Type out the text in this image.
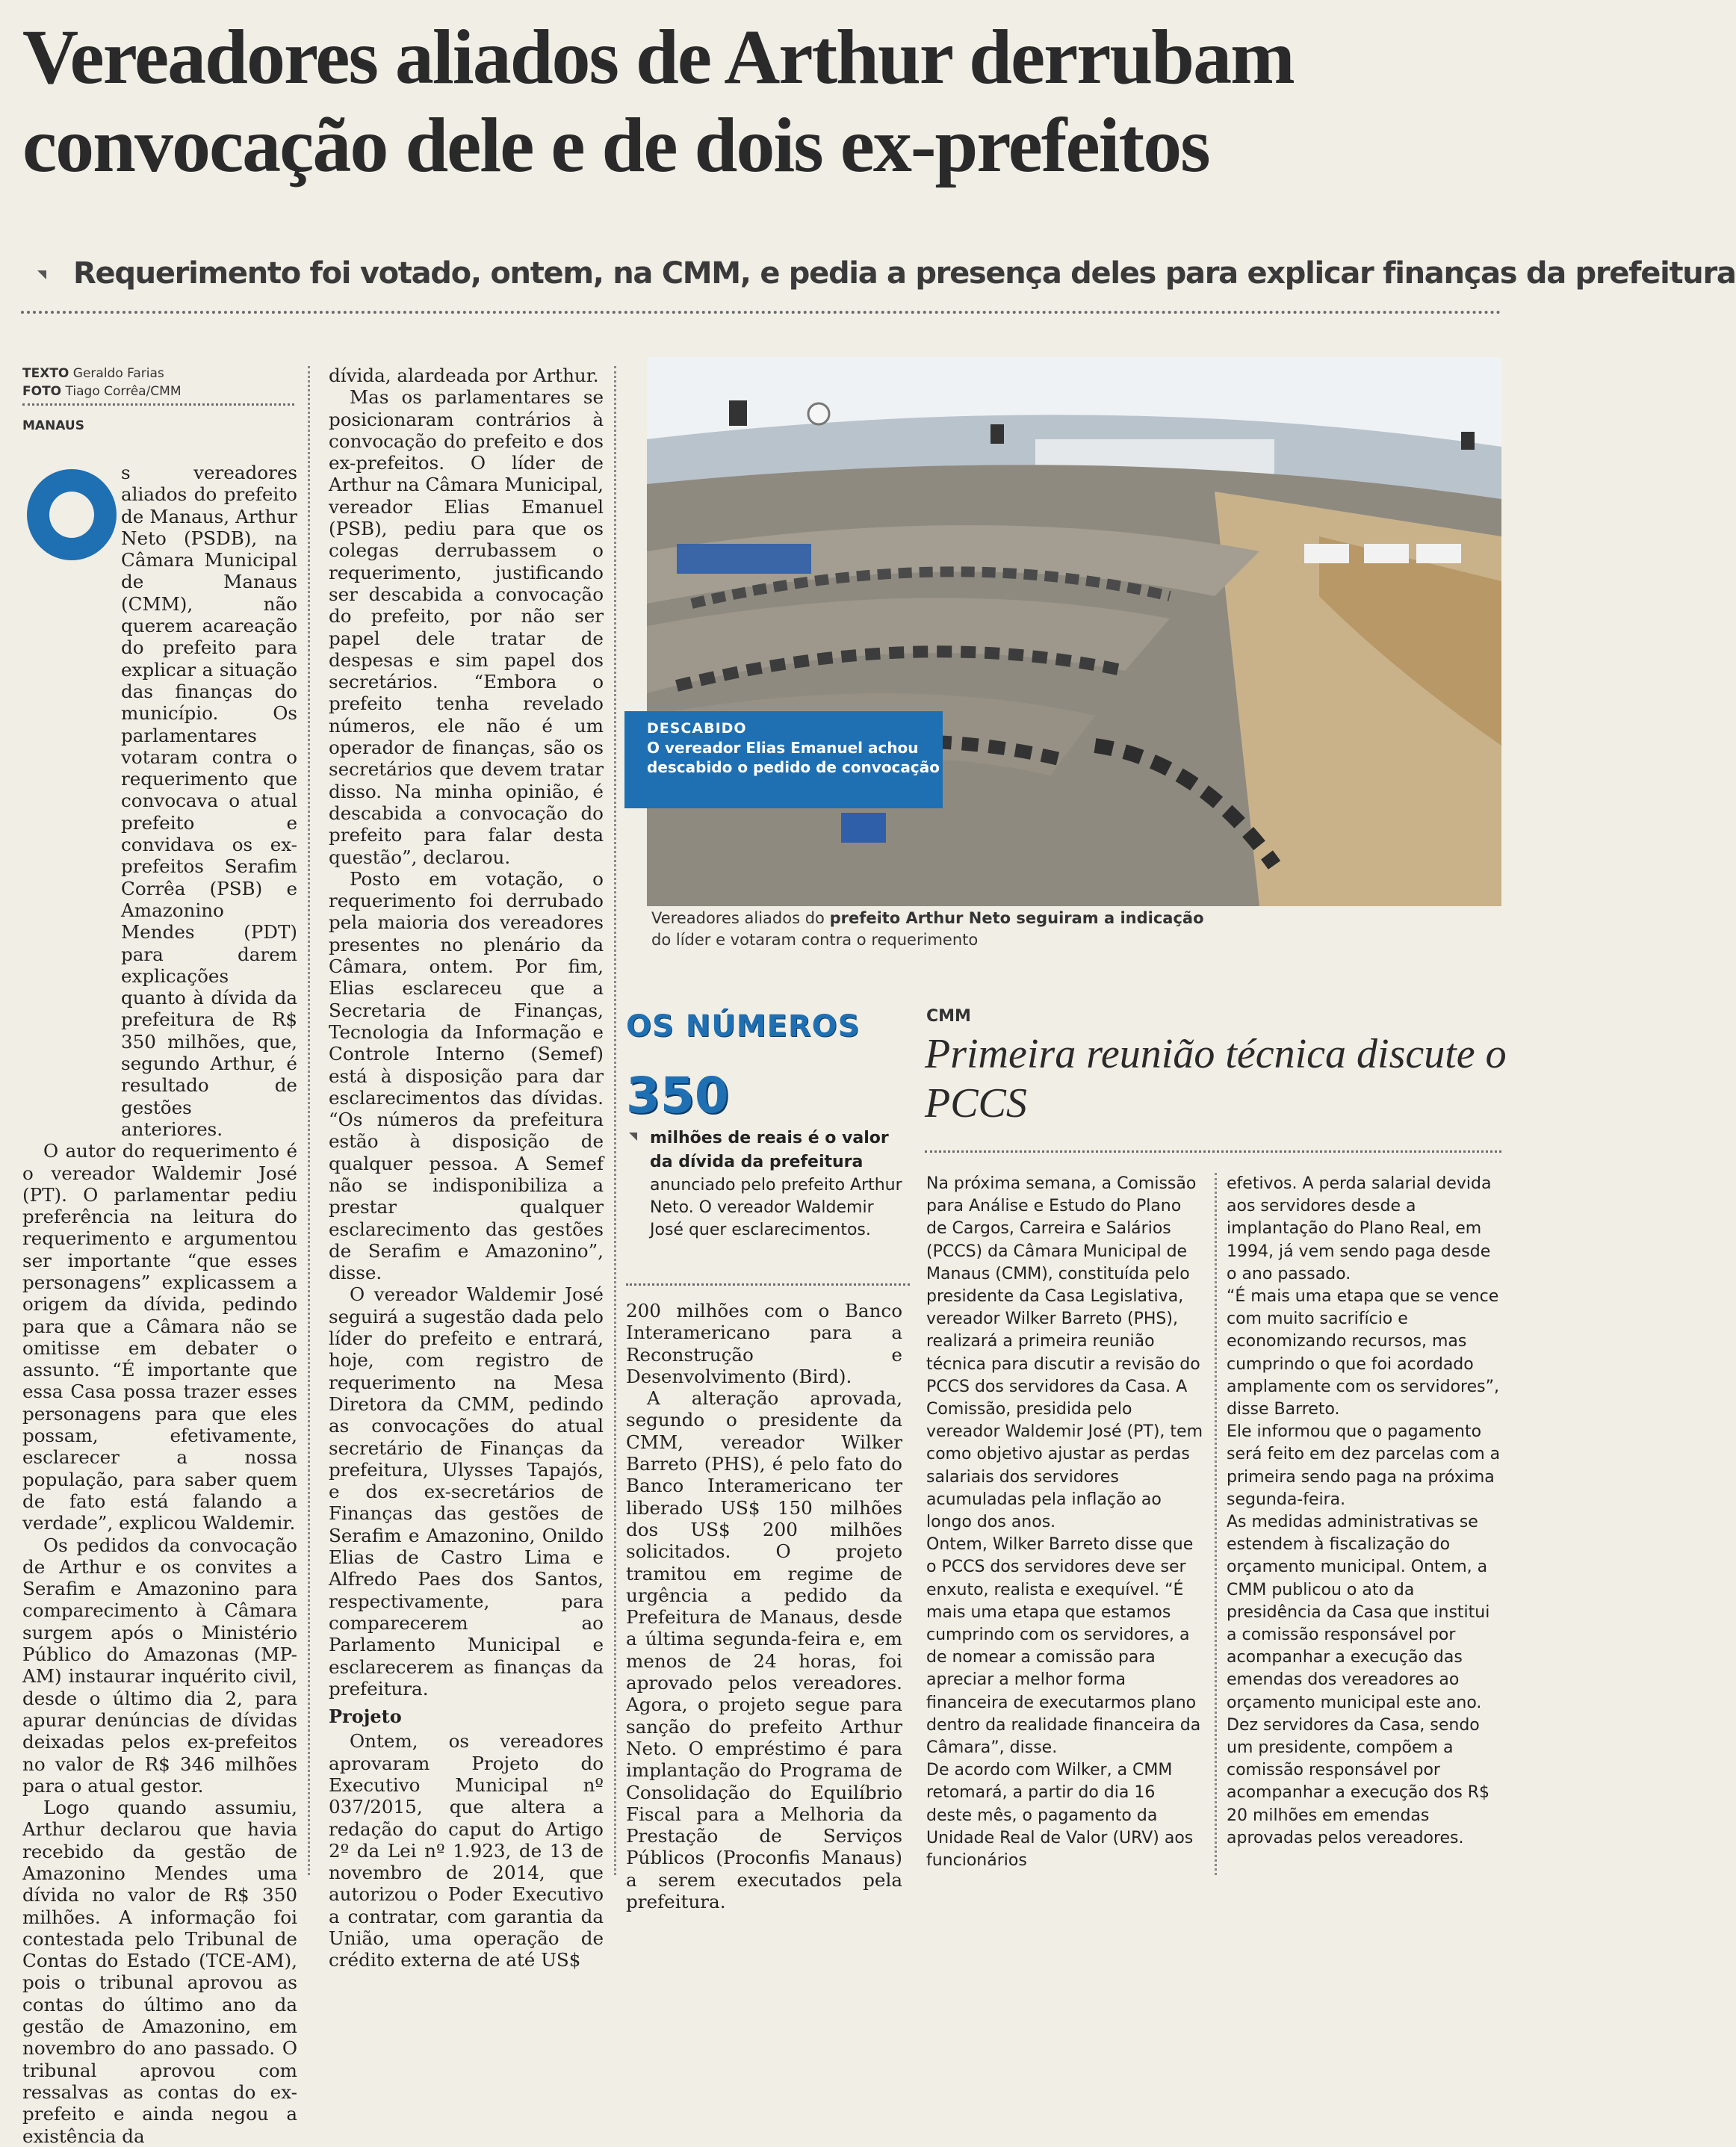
Vereadores aliados de Arthur derrubam convocação dele e de dois ex-prefeitos
Requerimento foi votado, ontem, na CMM, e pedia a presença deles para explicar finanças da prefeitura
TEXTO Geraldo Farias
FOTO Tiago Corrêa/CMM
MANAUS

s vereadores aliados do prefeito de Manaus, Arthur Neto (PSDB), na Câmara Municipal de Manaus (CMM), não querem acareação do prefeito para explicar a situação das finanças do município. Os parlamentares votaram contra o requerimento que convocava o atual prefeito e convidava os ex-prefeitos Serafim Corrêa (PSB) e Amazonino Mendes (PDT) para darem explicações quanto à dívida da prefeitura de R$ 350 milhões, que, segundo Arthur, é resultado de gestões anteriores.

O autor do requerimento é o vereador Waldemir José (PT). O parlamentar pediu preferência na leitura do requerimento e argumentou ser importante “que esses personagens” explicassem a origem da dívida, pedindo para que a Câmara não se omitisse em debater o assunto. “É importante que essa Casa possa trazer esses personagens para que eles possam, efetivamente, esclarecer a nossa população, para saber quem de fato está falando a verdade”, explicou Waldemir.

Os pedidos da convocação de Arthur e os convites a Serafim e Amazonino para comparecimento à Câmara surgem após o Ministério Público do Amazonas (MP-AM) instaurar inquérito civil, desde o último dia 2, para apurar denúncias de dívidas deixadas pelos ex-prefeitos no valor de R$ 346 milhões para o atual gestor.

Logo quando assumiu, Arthur declarou que havia recebido da gestão de Amazonino Mendes uma dívida no valor de R$ 350 milhões. A informação foi contestada pelo Tribunal de Contas do Estado (TCE-AM), pois o tribunal aprovou as contas do último ano da gestão de Amazonino, em novembro do ano passado. O tribunal aprovou com ressalvas as contas do ex-prefeito e ainda negou a existência da

dívida, alardeada por Arthur.

Mas os parlamentares se posicionaram contrários à convocação do prefeito e dos ex-prefeitos. O líder de Arthur na Câmara Municipal, vereador Elias Emanuel (PSB), pediu para que os colegas derrubassem o requerimento, justificando ser descabida a convocação do prefeito, por não ser papel dele tratar de despesas e sim papel dos secretários. “Embora o prefeito tenha revelado números, ele não é um operador de finanças, são os secretários que devem tratar disso. Na minha opinião, é descabida a convocação do prefeito para falar desta questão”, declarou.

Posto em votação, o requerimento foi derrubado pela maioria dos vereadores presentes no plenário da Câmara, ontem. Por fim, Elias esclareceu que a Secretaria de Finanças, Tecnologia da Informação e Controle Interno (Semef) está à disposição para dar esclarecimentos das dívidas. “Os números da prefeitura estão à disposição de qualquer pessoa. A Semef não se indisponibiliza a prestar qualquer esclarecimento das gestões de Serafim e Amazonino”, disse.

O vereador Waldemir José seguirá a sugestão dada pelo líder do prefeito e entrará, hoje, com registro de requerimento na Mesa Diretora da CMM, pedindo as convocações do atual secretário de Finanças da prefeitura, Ulysses Tapajós, e dos ex-secretários de Finanças das gestões de Serafim e Amazonino, Onildo Elias de Castro Lima e Alfredo Paes dos Santos, respectivamente, para comparecerem ao Parlamento Municipal e esclarecerem as finanças da prefeitura.

Projeto

Ontem, os vereadores aprovaram Projeto do Executivo Municipal nº 037/2015, que altera a redação do caput do Artigo 2º da Lei nº 1.923, de 13 de novembro de 2014, que autorizou o Poder Executivo a contratar, com garantia da União, uma operação de crédito externa de até US$

DESCABIDO
O vereador Elias Emanuel achou descabido o pedido de convocação
Vereadores aliados do prefeito Arthur Neto seguiram a indicação
do líder e votaram contra o requerimento
OS NÚMEROS
350
milhões de reais é o valor da dívida da prefeitura
anunciado pelo prefeito Arthur Neto. O vereador Waldemir José quer esclarecimentos.

200 milhões com o Banco Interamericano para a Reconstrução e Desenvolvimento (Bird).

A alteração aprovada, segundo o presidente da CMM, vereador Wilker Barreto (PHS), é pelo fato do Banco Interamericano ter liberado US$ 150 milhões dos US$ 200 milhões solicitados. O projeto tramitou em regime de urgência a pedido da Prefeitura de Manaus, desde a última segunda-feira e, em menos de 24 horas, foi aprovado pelos vereadores. Agora, o projeto segue para sanção do prefeito Arthur Neto. O empréstimo é para implantação do Programa de Consolidação do Equilíbrio Fiscal para a Melhoria da Prestação de Serviços Públicos (Proconfis Manaus) a serem executados pela prefeitura.

CMM
Primeira reunião técnica discute o PCCS

Na próxima semana, a Comissão para Análise e Estudo do Plano de Cargos, Carreira e Salários (PCCS) da Câmara Municipal de Manaus (CMM), constituída pelo presidente da Casa Legislativa, vereador Wilker Barreto (PHS), realizará a primeira reunião técnica para discutir a revisão do PCCS dos servidores da Casa. A Comissão, presidida pelo vereador Waldemir José (PT), tem como objetivo ajustar as perdas salariais dos servidores acumuladas pela inflação ao longo dos anos.

Ontem, Wilker Barreto disse que o PCCS dos servidores deve ser enxuto, realista e exequível. “É mais uma etapa que estamos cumprindo com os servidores, a de nomear a comissão para apreciar a melhor forma financeira de executarmos plano dentro da realidade financeira da Câmara”, disse.

De acordo com Wilker, a CMM retomará, a partir do dia 16 deste mês, o pagamento da Unidade Real de Valor (URV) aos funcionários

efetivos. A perda salarial devida aos servidores desde a implantação do Plano Real, em 1994, já vem sendo paga desde o ano passado.

“É mais uma etapa que se vence com muito sacrifício e economizando recursos, mas cumprindo o que foi acordado amplamente com os servidores”, disse Barreto.

Ele informou que o pagamento será feito em dez parcelas com a primeira sendo paga na próxima segunda-feira.

As medidas administrativas se estendem à fiscalização do orçamento municipal. Ontem, a CMM publicou o ato da presidência da Casa que institui a comissão responsável por acompanhar a execução das emendas dos vereadores ao orçamento municipal este ano. Dez servidores da Casa, sendo um presidente, compõem a comissão responsável por acompanhar a execução dos R$ 20 milhões em emendas aprovadas pelos vereadores.
